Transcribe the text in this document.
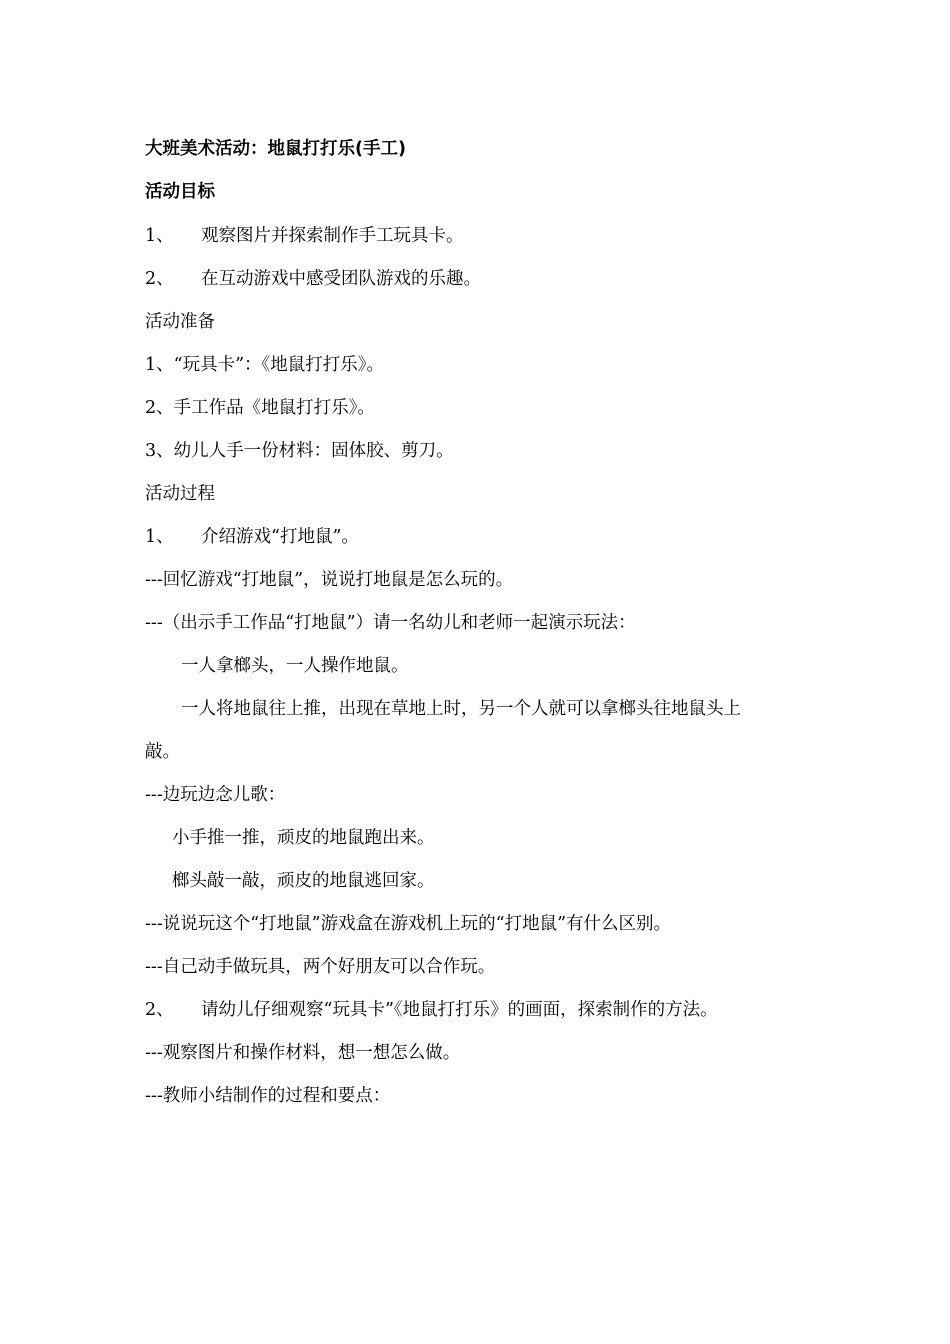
大班美术活动：地鼠打打乐(手工)
活动目标
1、 观察图片并探索制作手工玩具卡。
2、 在互动游戏中感受团队游戏的乐趣。
活动准备
1、“玩具卡”：《地鼠打打乐》。
2、手工作品《地鼠打打乐》。
3、幼儿人手一份材料：固体胶、剪刀。
活动过程
1、 介绍游戏“打地鼠”。
---回忆游戏“打地鼠”，说说打地鼠是怎么玩的。
---（出示手工作品“打地鼠”）请一名幼儿和老师一起演示玩法：
一人拿榔头，一人操作地鼠。
一人将地鼠往上推，出现在草地上时，另一个人就可以拿榔头往地鼠头上
敲。
---边玩边念儿歌：
小手推一推，顽皮的地鼠跑出来。
榔头敲一敲，顽皮的地鼠逃回家。
---说说玩这个“打地鼠”游戏盒在游戏机上玩的“打地鼠”有什么区别。
---自己动手做玩具，两个好朋友可以合作玩。
2、 请幼儿仔细观察“玩具卡”《地鼠打打乐》的画面，探索制作的方法。
---观察图片和操作材料，想一想怎么做。
---教师小结制作的过程和要点：
